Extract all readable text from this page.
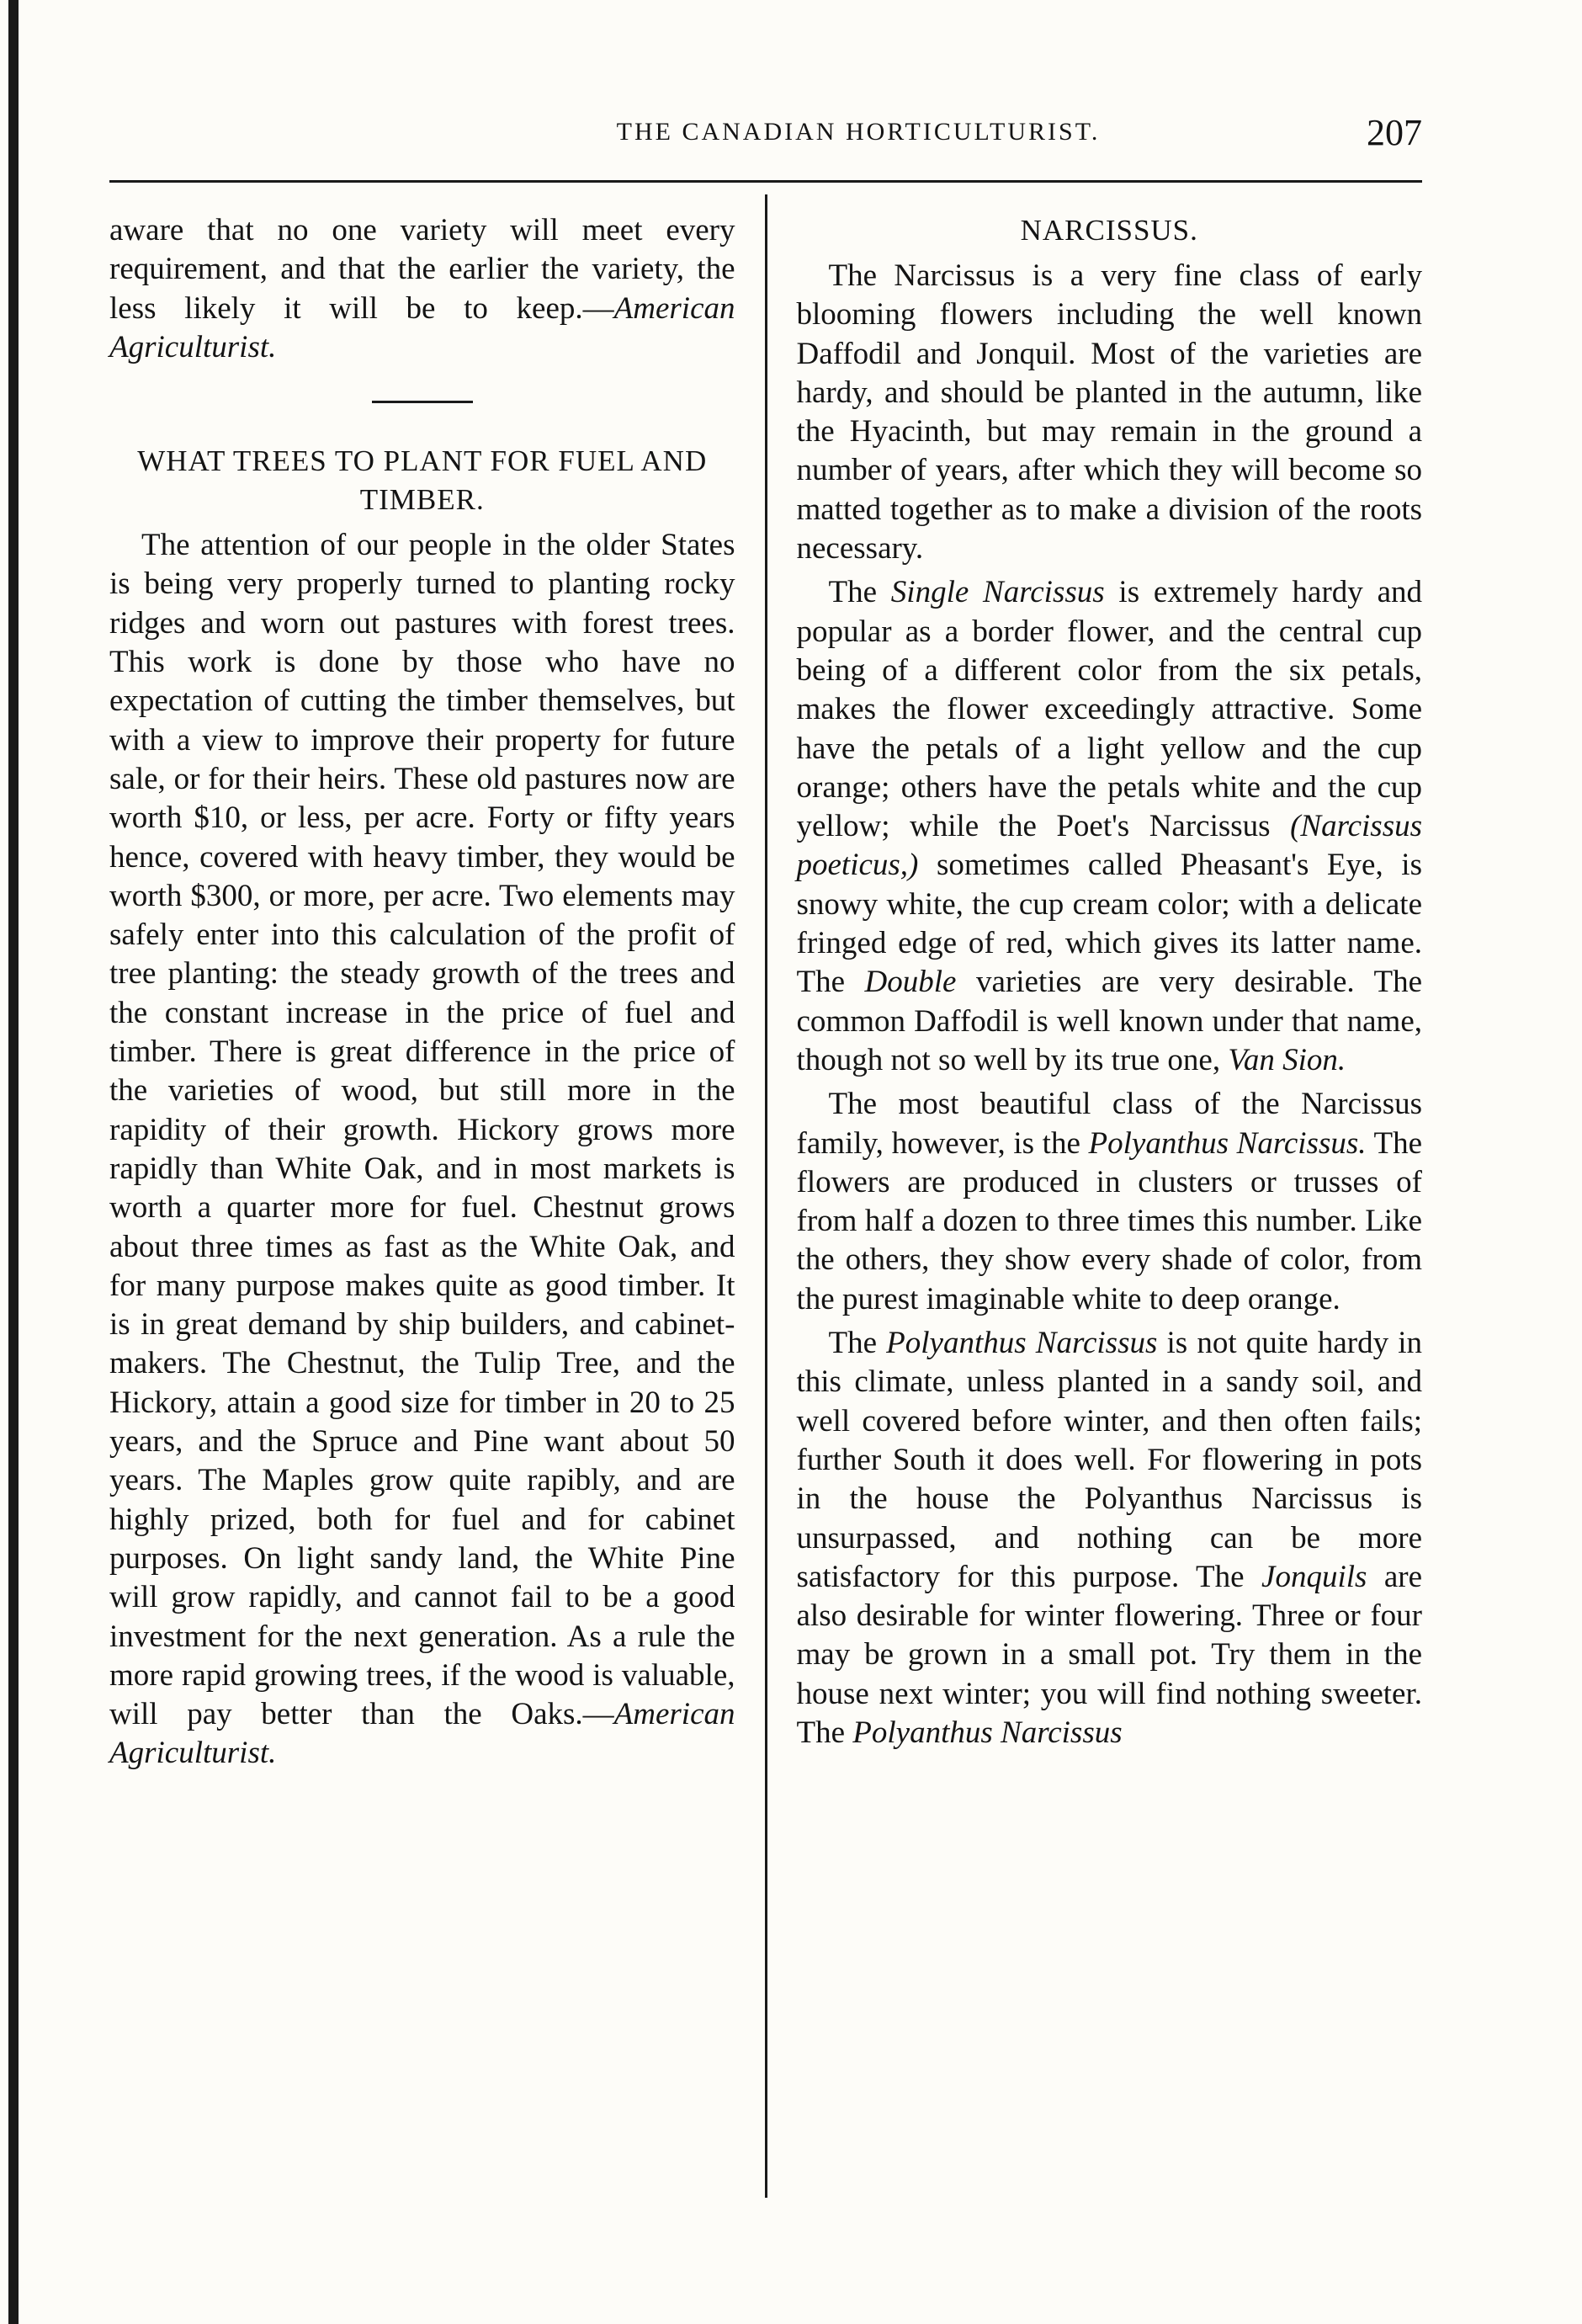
THE CANADIAN HORTICULTURIST.	207

aware that no one variety will meet every requirement, and that the earlier the variety, the less likely it will be to keep.—American Agriculturist.

WHAT TREES TO PLANT FOR FUEL AND TIMBER.

The attention of our people in the older States is being very properly turned to planting rocky ridges and worn out pastures with forest trees. This work is done by those who have no expectation of cutting the timber themselves, but with a view to improve their property for future sale, or for their heirs. These old pastures now are worth $10, or less, per acre. Forty or fifty years hence, covered with heavy timber, they would be worth $300, or more, per acre. Two elements may safely enter into this calculation of the profit of tree planting: the steady growth of the trees and the constant increase in the price of fuel and timber. There is great difference in the price of the varieties of wood, but still more in the rapidity of their growth. Hickory grows more rapidly than White Oak, and in most markets is worth a quarter more for fuel. Chestnut grows about three times as fast as the White Oak, and for many purpose makes quite as good timber. It is in great demand by ship builders, and cabinet-makers. The Chestnut, the Tulip Tree, and the Hickory, attain a good size for timber in 20 to 25 years, and the Spruce and Pine want about 50 years. The Maples grow quite rapibly, and are highly prized, both for fuel and for cabinet purposes. On light sandy land, the White Pine will grow rapidly, and cannot fail to be a good investment for the next generation. As a rule the more rapid growing trees, if the wood is valuable, will pay better than the Oaks.—American Agriculturist.

NARCISSUS.

The Narcissus is a very fine class of early blooming flowers including the well known Daffodil and Jonquil. Most of the varieties are hardy, and should be planted in the autumn, like the Hyacinth, but may remain in the ground a number of years, after which they will become so matted together as to make a division of the roots necessary.

The Single Narcissus is extremely hardy and popular as a border flower, and the central cup being of a different color from the six petals, makes the flower exceedingly attractive. Some have the petals of a light yellow and the cup orange; others have the petals white and the cup yellow; while the Poet's Narcissus (Narcissus poeticus,) sometimes called Pheasant's Eye, is snowy white, the cup cream color; with a delicate fringed edge of red, which gives its latter name. The Double varieties are very desirable. The common Daffodil is well known under that name, though not so well by its true one, Van Sion.

The most beautiful class of the Narcissus family, however, is the Polyanthus Narcissus. The flowers are produced in clusters or trusses of from half a dozen to three times this number. Like the others, they show every shade of color, from the purest imaginable white to deep orange.

The Polyanthus Narcissus is not quite hardy in this climate, unless planted in a sandy soil, and well covered before winter, and then often fails; further South it does well. For flowering in pots in the house the Polyanthus Narcissus is unsurpassed, and nothing can be more satisfactory for this purpose. The Jonquils are also desirable for winter flowering. Three or four may be grown in a small pot. Try them in the house next winter; you will find nothing sweeter. The Polyanthus Narcissus
